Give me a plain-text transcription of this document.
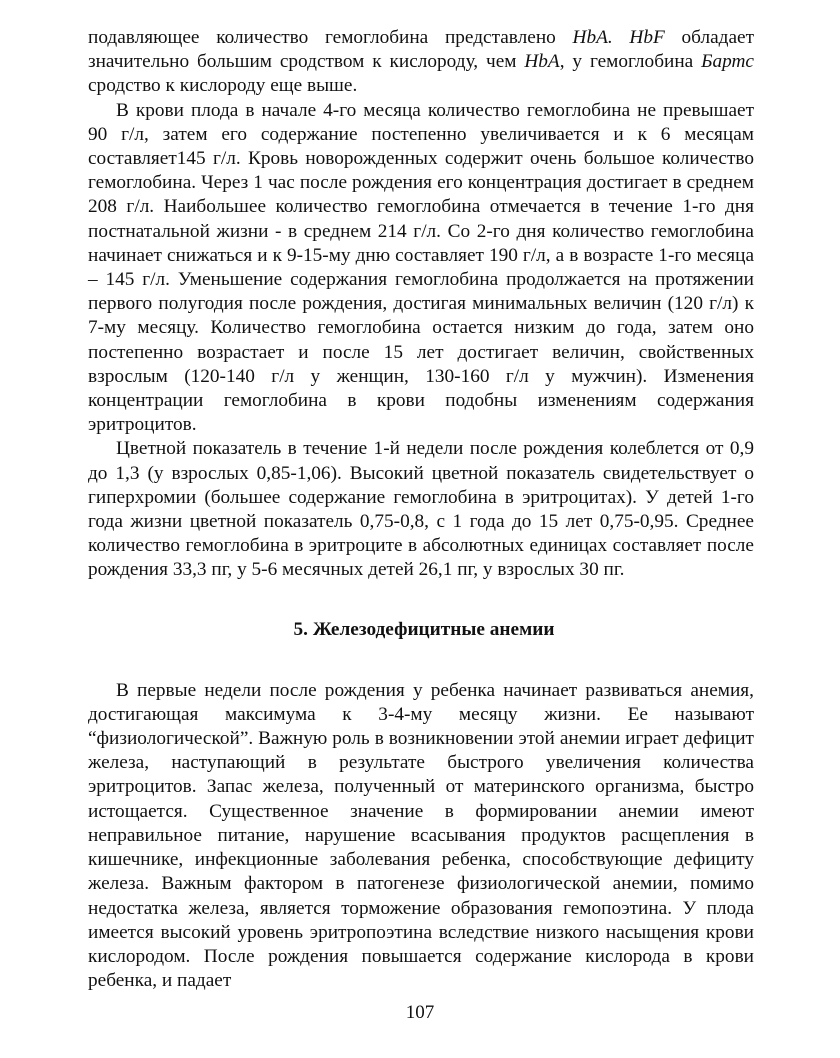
подавляющее количество гемоглобина представлено HbA. HbF обладает значительно большим сродством к кислороду, чем HbA, у гемоглобина Бартс сродство к кислороду еще выше.

В крови плода в начале 4-го месяца количество гемоглобина не превышает 90 г/л, затем его содержание постепенно увеличивается и к 6 месяцам составляет145 г/л. Кровь новорожденных содержит очень большое количество гемоглобина. Через 1 час после рождения его концентрация достигает в среднем 208 г/л. Наибольшее количество гемоглобина отмечается в течение 1-го дня постнатальной жизни - в среднем 214 г/л. Со 2-го дня количество гемоглобина начинает снижаться и к 9-15-му дню составляет 190 г/л, а в возрасте 1-го месяца – 145 г/л. Уменьшение содержания гемоглобина продолжается на протяжении первого полугодия после рождения, достигая минимальных величин (120 г/л) к 7-му месяцу. Количество гемоглобина остается низким до года, затем оно постепенно возрастает и после 15 лет достигает величин, свойственных взрослым (120-140 г/л у женщин, 130-160 г/л у мужчин). Изменения концентрации гемоглобина в крови подобны изменениям содержания эритроцитов.

Цветной показатель в течение 1-й недели после рождения колеблется от 0,9 до 1,3 (у взрослых 0,85-1,06). Высокий цветной показатель свидетельствует о гиперхромии (большее содержание гемоглобина в эритроцитах). У детей 1-го года жизни цветной показатель 0,75-0,8, с 1 года до 15 лет 0,75-0,95. Среднее количество гемоглобина в эритроците в абсолютных единицах составляет после рождения 33,3 пг, у 5-6 месячных детей 26,1 пг, у взрослых 30 пг.

5. Железодефицитные анемии

В первые недели после рождения у ребенка начинает развиваться анемия, достигающая максимума к 3-4-му месяцу жизни. Ее называют “физиологической”. Важную роль в возникновении этой анемии играет дефицит железа, наступающий в результате быстрого увеличения количества эритроцитов. Запас железа, полученный от материнского организма, быстро истощается. Существенное значение в формировании анемии имеют неправильное питание, нарушение всасывания продуктов расщепления в кишечнике, инфекционные заболевания ребенка, способствующие дефициту железа. Важным фактором в патогенезе физиологической анемии, помимо недостатка железа, является торможение образования гемопоэтина. У плода имеется высокий уровень эритропоэтина вследствие низкого насыщения крови кислородом. После рождения повышается содержание кислорода в крови ребенка, и падает

107
